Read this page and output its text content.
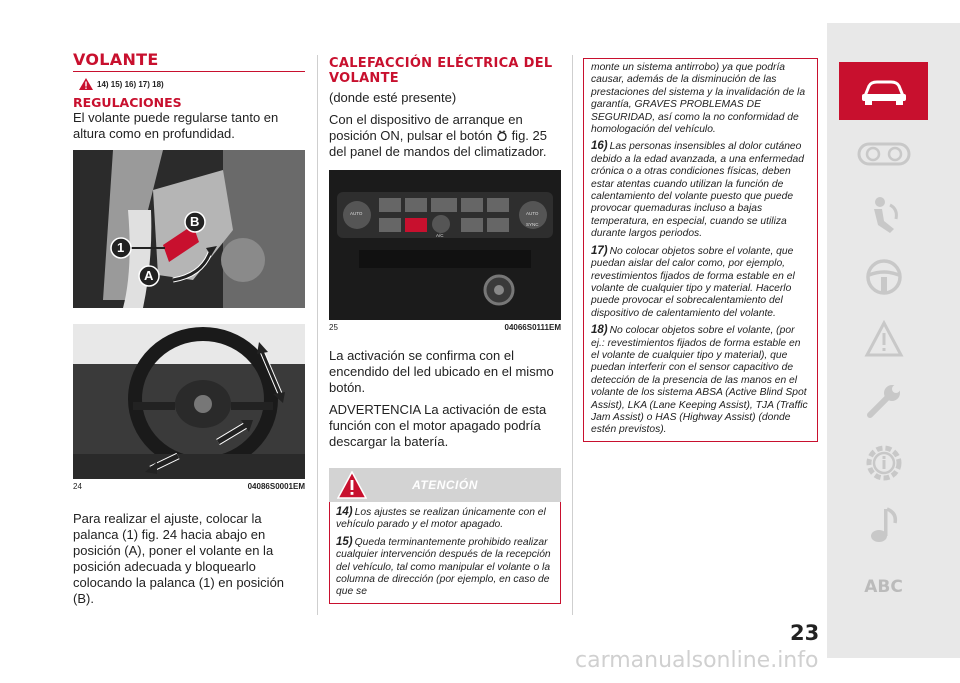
VOLANTE
14) 15) 16) 17) 18)
REGULACIONES

El volante puede regularse tanto en altura como en profundidad.

B
1
A
24	04086S0001EM

Para realizar el ajuste, colocar la palanca (1) fig. 24 hacia abajo en posición (A), poner el volante en la posición adecuada y bloquearlo colocando la palanca (1) en posición (B).

CALEFACCIÓN ELÉCTRICA DEL VOLANTE

(donde esté presente)

Con el dispositivo de arranque en posición ON, pulsar el botón fig. 25 del panel de mandos del climatizador.

AUTO
A/C
AUTO
SYNC
25	04066S0111EM

La activación se confirma con el encendido del led ubicado en el mismo botón.

ADVERTENCIA La activación de esta función con el motor apagado podría descargar la batería.

ATENCIÓN

14) Los ajustes se realizan únicamente con el vehículo parado y el motor apagado.

15) Queda terminantemente prohibido realizar cualquier intervención después de la recepción del vehículo, tal como manipular el volante o la columna de dirección (por ejemplo, en caso de que se

monte un sistema antirrobo) ya que podría causar, además de la disminución de las prestaciones del sistema y la invalidación de la garantía, GRAVES PROBLEMAS DE SEGURIDAD, así como la no conformidad de homologación del vehículo.

16) Las personas insensibles al dolor cutáneo debido a la edad avanzada, a una enfermedad crónica o a otras condiciones físicas, deben estar atentas cuando utilizan la función de calentamiento del volante puesto que puede provocar quemaduras incluso a bajas temperatura, en especial, cuando se utiliza durante largos periodos.

17) No colocar objetos sobre el volante, que puedan aislar del calor como, por ejemplo, revestimientos fijados de forma estable en el volante de cualquier tipo y material. Hacerlo puede provocar el sobrecalentamiento del dispositivo de calentamiento del volante.

18) No colocar objetos sobre el volante, (por ej.: revestimientos fijados de forma estable en el volante de cualquier tipo y material), que puedan interferir con el sensor capacitivo de detección de la presencia de las manos en el volante de los sistema ABSA (Active Blind Spot Assist), LKA (Lane Keeping Assist), TJA (Traffic Jam Assist) o HAS (Highway Assist) (donde estén previstos).

ABC
23
carmanualsonline.info
